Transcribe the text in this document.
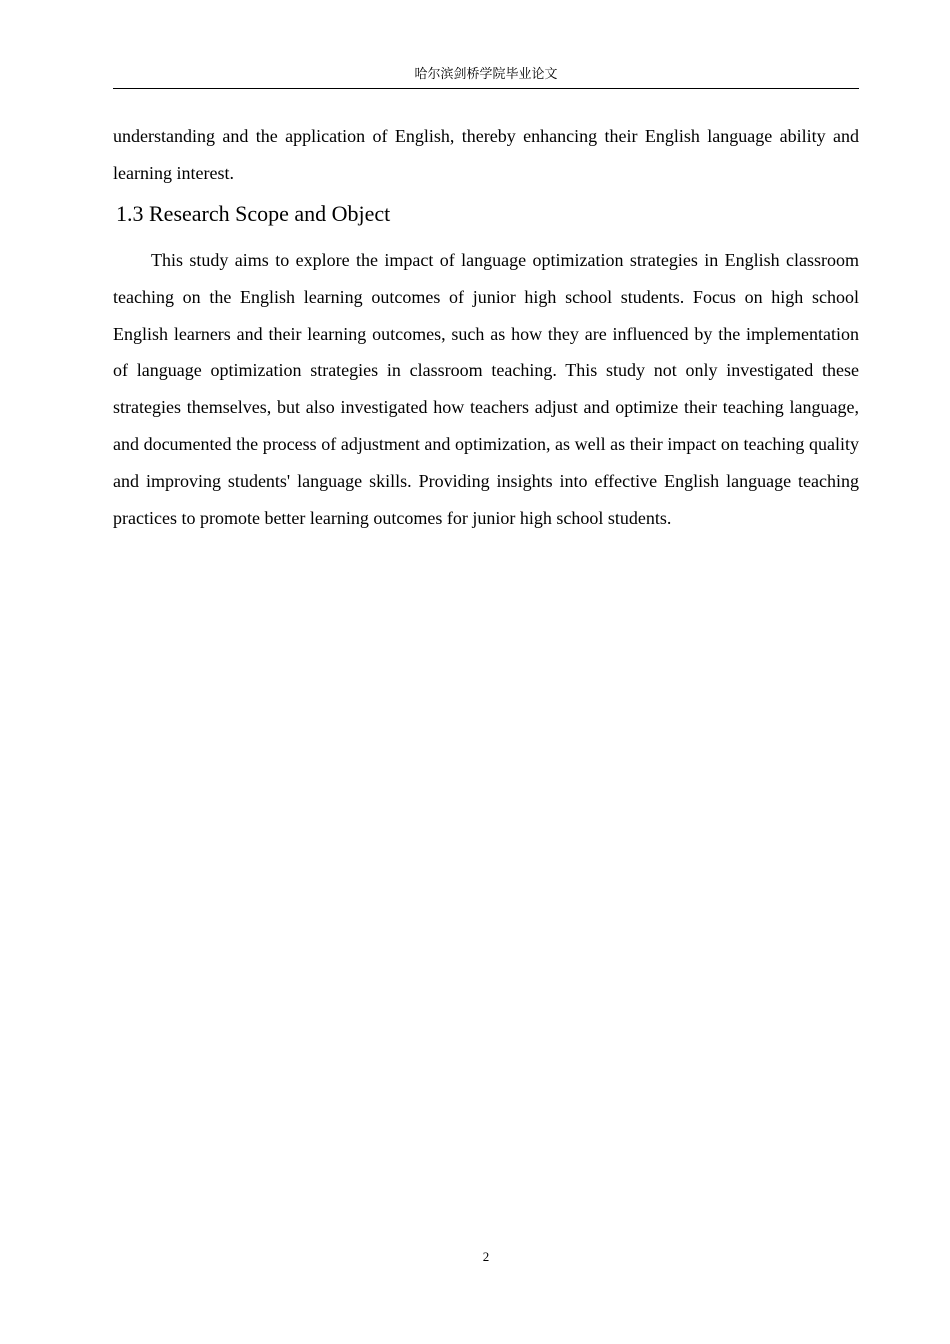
哈尔滨剑桥学院毕业论文

understanding and the application of English, thereby enhancing their English language ability and learning interest.

1.3 Research Scope and Object

This study aims to explore the impact of language optimization strategies in English classroom teaching on the English learning outcomes of junior high school students. Focus on high school English learners and their learning outcomes, such as how they are influenced by the implementation of language optimization strategies in classroom teaching. This study not only investigated these strategies themselves, but also investigated how teachers adjust and optimize their teaching language, and documented the process of adjustment and optimization, as well as their impact on teaching quality and improving students' language skills. Providing insights into effective English language teaching practices to promote better learning outcomes for junior high school students.

2
